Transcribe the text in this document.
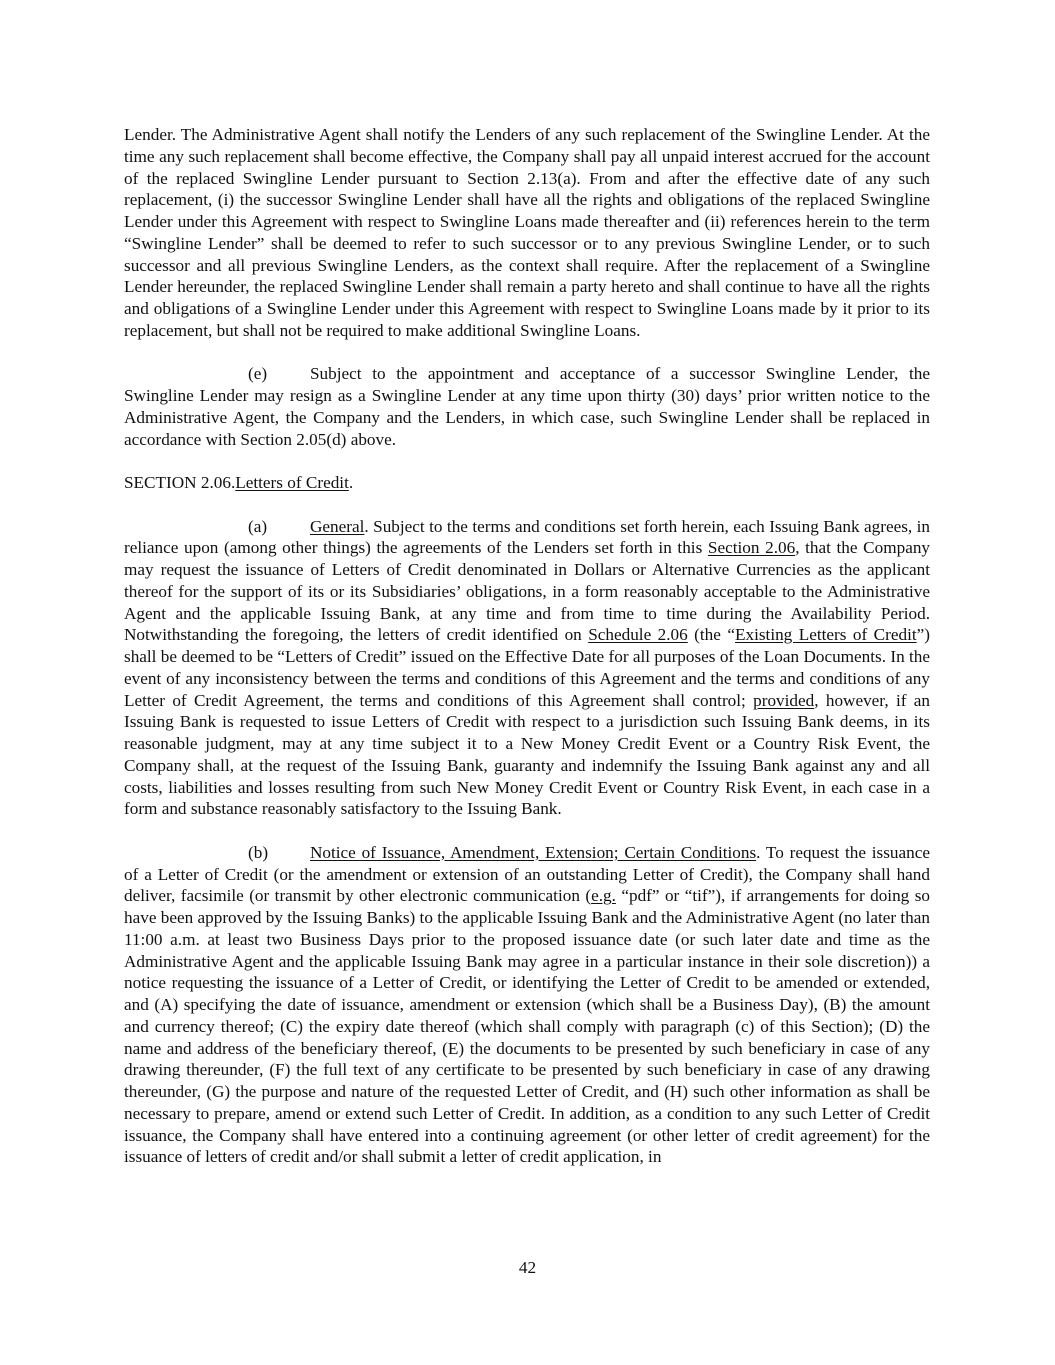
Lender. The Administrative Agent shall notify the Lenders of any such replacement of the Swingline Lender. At the time any such replacement shall become effective, the Company shall pay all unpaid interest accrued for the account of the replaced Swingline Lender pursuant to Section 2.13(a). From and after the effective date of any such replacement, (i) the successor Swingline Lender shall have all the rights and obligations of the replaced Swingline Lender under this Agreement with respect to Swingline Loans made thereafter and (ii) references herein to the term “Swingline Lender” shall be deemed to refer to such successor or to any previous Swingline Lender, or to such successor and all previous Swingline Lenders, as the context shall require. After the replacement of a Swingline Lender hereunder, the replaced Swingline Lender shall remain a party hereto and shall continue to have all the rights and obligations of a Swingline Lender under this Agreement with respect to Swingline Loans made by it prior to its replacement, but shall not be required to make additional Swingline Loans.

(e) Subject to the appointment and acceptance of a successor Swingline Lender, the Swingline Lender may resign as a Swingline Lender at any time upon thirty (30) days’ prior written notice to the Administrative Agent, the Company and the Lenders, in which case, such Swingline Lender shall be replaced in accordance with Section 2.05(d) above.

SECTION 2.06.Letters of Credit.

(a) General. Subject to the terms and conditions set forth herein, each Issuing Bank agrees, in reliance upon (among other things) the agreements of the Lenders set forth in this Section 2.06, that the Company may request the issuance of Letters of Credit denominated in Dollars or Alternative Currencies as the applicant thereof for the support of its or its Subsidiaries’ obligations, in a form reasonably acceptable to the Administrative Agent and the applicable Issuing Bank, at any time and from time to time during the Availability Period. Notwithstanding the foregoing, the letters of credit identified on Schedule 2.06 (the “Existing Letters of Credit”) shall be deemed to be “Letters of Credit” issued on the Effective Date for all purposes of the Loan Documents. In the event of any inconsistency between the terms and conditions of this Agreement and the terms and conditions of any Letter of Credit Agreement, the terms and conditions of this Agreement shall control; provided, however, if an Issuing Bank is requested to issue Letters of Credit with respect to a jurisdiction such Issuing Bank deems, in its reasonable judgment, may at any time subject it to a New Money Credit Event or a Country Risk Event, the Company shall, at the request of the Issuing Bank, guaranty and indemnify the Issuing Bank against any and all costs, liabilities and losses resulting from such New Money Credit Event or Country Risk Event, in each case in a form and substance reasonably satisfactory to the Issuing Bank.

(b) Notice of Issuance, Amendment, Extension; Certain Conditions. To request the issuance of a Letter of Credit (or the amendment or extension of an outstanding Letter of Credit), the Company shall hand deliver, facsimile (or transmit by other electronic communication (e.g. “pdf” or “tif”), if arrangements for doing so have been approved by the Issuing Banks) to the applicable Issuing Bank and the Administrative Agent (no later than 11:00 a.m. at least two Business Days prior to the proposed issuance date (or such later date and time as the Administrative Agent and the applicable Issuing Bank may agree in a particular instance in their sole discretion)) a notice requesting the issuance of a Letter of Credit, or identifying the Letter of Credit to be amended or extended, and (A) specifying the date of issuance, amendment or extension (which shall be a Business Day), (B) the amount and currency thereof; (C) the expiry date thereof (which shall comply with paragraph (c) of this Section); (D) the name and address of the beneficiary thereof, (E) the documents to be presented by such beneficiary in case of any drawing thereunder, (F) the full text of any certificate to be presented by such beneficiary in case of any drawing thereunder, (G) the purpose and nature of the requested Letter of Credit, and (H) such other information as shall be necessary to prepare, amend or extend such Letter of Credit. In addition, as a condition to any such Letter of Credit issuance, the Company shall have entered into a continuing agreement (or other letter of credit agreement) for the issuance of letters of credit and/or shall submit a letter of credit application, in

42
